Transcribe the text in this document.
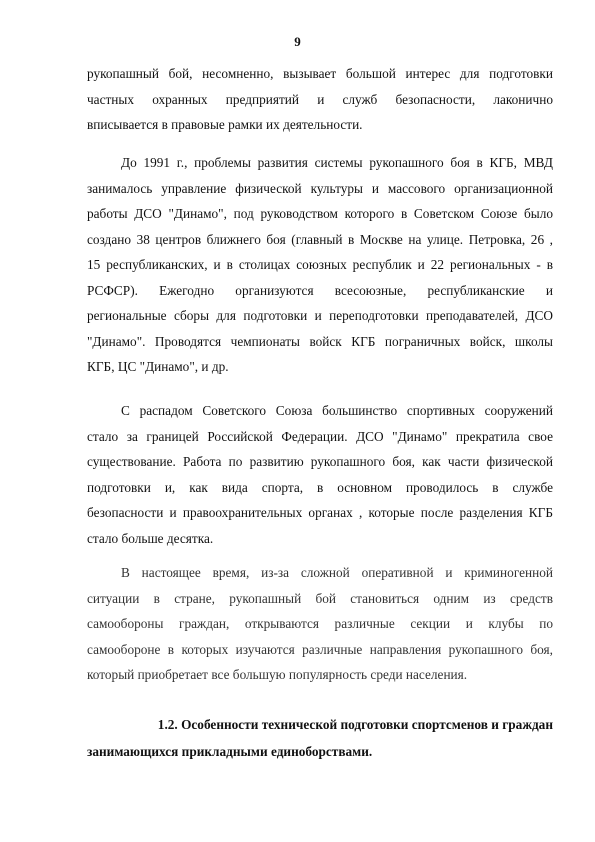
9
рукопашный бой, несомненно, вызывает большой интерес для подготовки
частных охранных предприятий и служб безопасности, лаконично
вписывается в правовые рамки их деятельности.
До 1991 г., проблемы развития системы рукопашного боя в КГБ, МВД
занималось управление физической культуры и массового организационной
работы ДСО "Динамо", под руководством которого в Советском Союзе было
создано 38 центров ближнего боя (главный в Москве на улице. Петровка, 26 ,
15 республиканских, и в столицах союзных республик и 22 региональных - в
РСФСР). Ежегодно организуются всесоюзные, республиканские и
региональные сборы для подготовки и переподготовки преподавателей, ДСО
"Динамо". Проводятся чемпионаты войск КГБ пограничных войск, школы
КГБ, ЦС "Динамо", и др.
С распадом Советского Союза большинство спортивных сооружений
стало за границей Российской Федерации. ДСО "Динамо" прекратила свое
существование. Работа по развитию рукопашного боя, как части физической
подготовки и, как вида спорта, в основном проводилось в службе
безопасности и правоохранительных органах , которые после разделения КГБ
стало больше десятка.
В настоящее время, из-за сложной оперативной и криминогенной
ситуации в стране, рукопашный бой становиться одним из средств
самообороны граждан, открываются различные секции и клубы по
самообороне в которых изучаются различные направления рукопашного боя,
который приобретает все большую популярность среди населения.
1.2. Особенности технической подготовки спортсменов и граждан
занимающихся прикладными единоборствами.
